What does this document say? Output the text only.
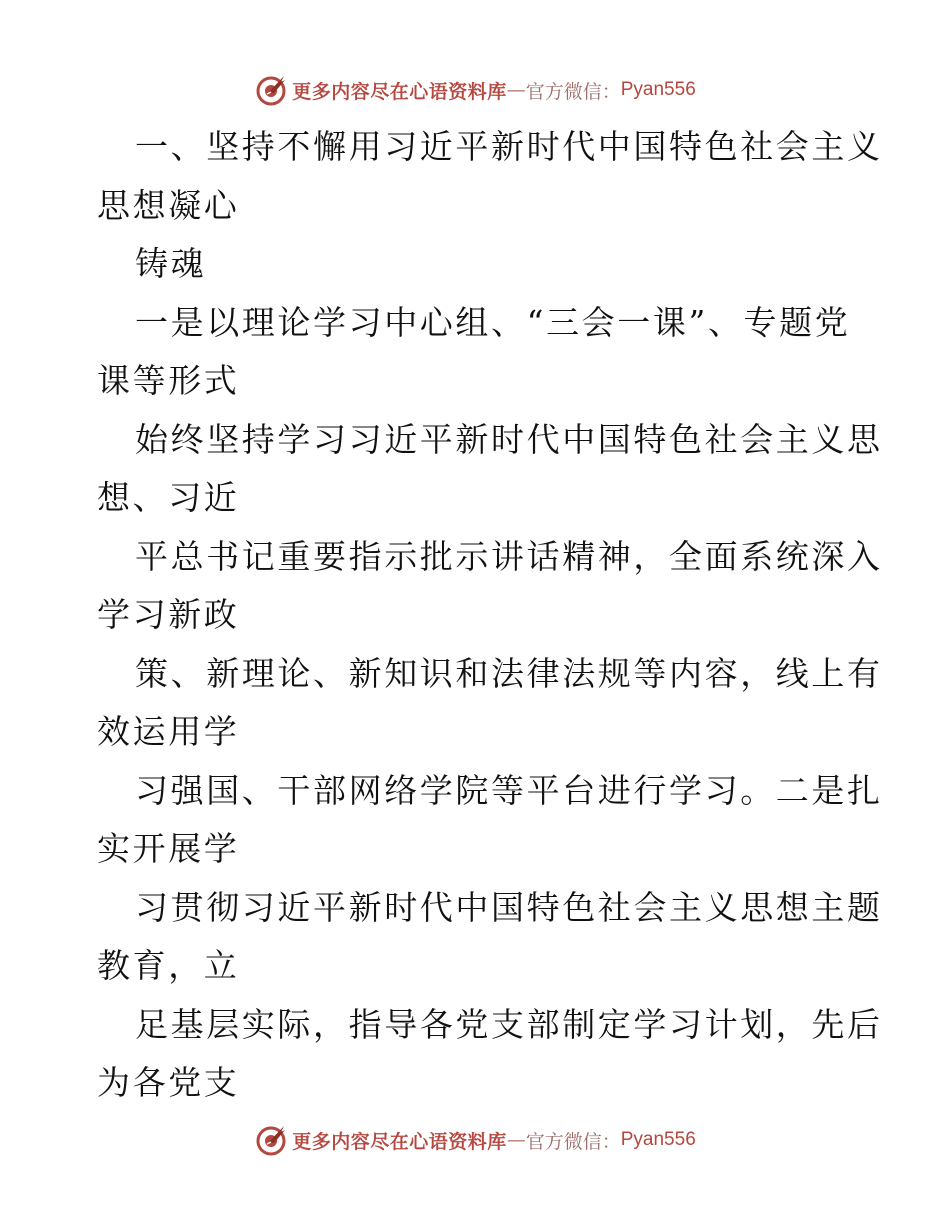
更多内容尽在心语资料库 — 官方微信： Pyan556
一、坚持不懈用习近平新时代中国特色社会主义
思想凝心
铸魂
一是以理论学习中心组、“三会一课”、专题党
课等形式
始终坚持学习习近平新时代中国特色社会主义思
想、习近
平总书记重要指示批示讲话精神，全面系统深入
学习新政
策、新理论、新知识和法律法规等内容，线上有
效运用学
习强国、干部网络学院等平台进行学习。二是扎
实开展学
习贯彻习近平新时代中国特色社会主义思想主题
教育，立
足基层实际，指导各党支部制定学习计划，先后
为各党支
更多内容尽在心语资料库 — 官方微信： Pyan556
